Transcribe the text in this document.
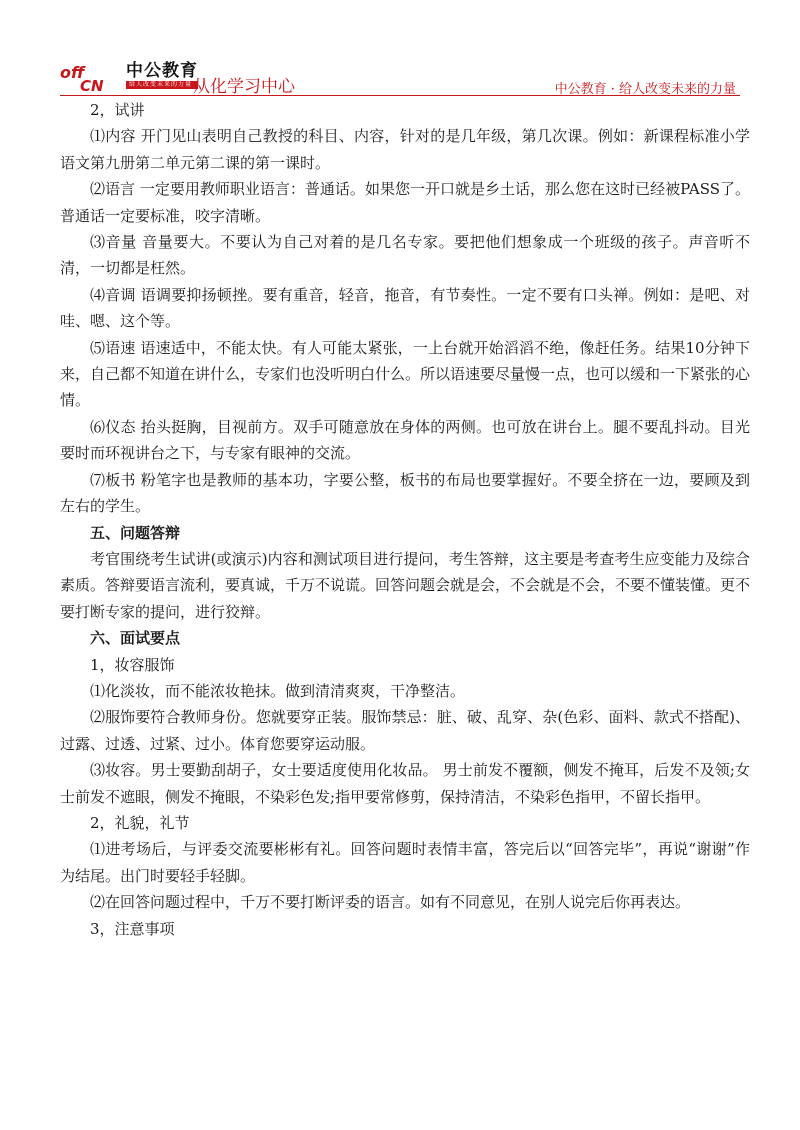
off
CN
中公教育
给人改变未来的力量 从化学习中心	中公教育 · 给人改变未来的力量

2，试讲

⑴内容 开门见山表明自己教授的科目、内容，针对的是几年级，第几次课。例如：新课程标准小学语文第九册第二单元第二课的第一课时。

⑵语言 一定要用教师职业语言：普通话。如果您一开口就是乡土话，那么您在这时已经被PASS了。普通话一定要标准，咬字清晰。

⑶音量 音量要大。不要认为自己对着的是几名专家。要把他们想象成一个班级的孩子。声音听不清，一切都是枉然。

⑷音调 语调要抑扬顿挫。要有重音，轻音，拖音，有节奏性。一定不要有口头禅。例如：是吧、对哇、嗯、这个等。

⑸语速 语速适中，不能太快。有人可能太紧张，一上台就开始滔滔不绝，像赶任务。结果10分钟下来，自己都不知道在讲什么，专家们也没听明白什么。所以语速要尽量慢一点，也可以缓和一下紧张的心情。

⑹仪态 抬头挺胸，目视前方。双手可随意放在身体的两侧。也可放在讲台上。腿不要乱抖动。目光要时而环视讲台之下，与专家有眼神的交流。

⑺板书 粉笔字也是教师的基本功，字要公整，板书的布局也要掌握好。不要全挤在一边，要顾及到左右的学生。

五、问题答辩

考官围绕考生试讲(或演示)内容和测试项目进行提问，考生答辩，这主要是考查考生应变能力及综合素质。答辩要语言流利，要真诚，千万不说谎。回答问题会就是会，不会就是不会，不要不懂装懂。更不要打断专家的提问，进行狡辩。

六、面试要点

1，妆容服饰

⑴化淡妆，而不能浓妆艳抹。做到清清爽爽，干净整洁。

⑵服饰要符合教师身份。您就要穿正装。服饰禁忌：脏、破、乱穿、杂(色彩、面料、款式不搭配)、过露、过透、过紧、过小。体育您要穿运动服。

⑶妆容。男士要勤刮胡子，女士要适度使用化妆品。 男士前发不覆额，侧发不掩耳，后发不及领;女士前发不遮眼，侧发不掩眼，不染彩色发;指甲要常修剪，保持清洁，不染彩色指甲，不留长指甲。

2，礼貌，礼节

⑴进考场后，与评委交流要彬彬有礼。回答问题时表情丰富，答完后以“回答完毕”，再说“谢谢”作为结尾。出门时要轻手轻脚。

⑵在回答问题过程中，千万不要打断评委的语言。如有不同意见，在别人说完后你再表达。

3，注意事项
